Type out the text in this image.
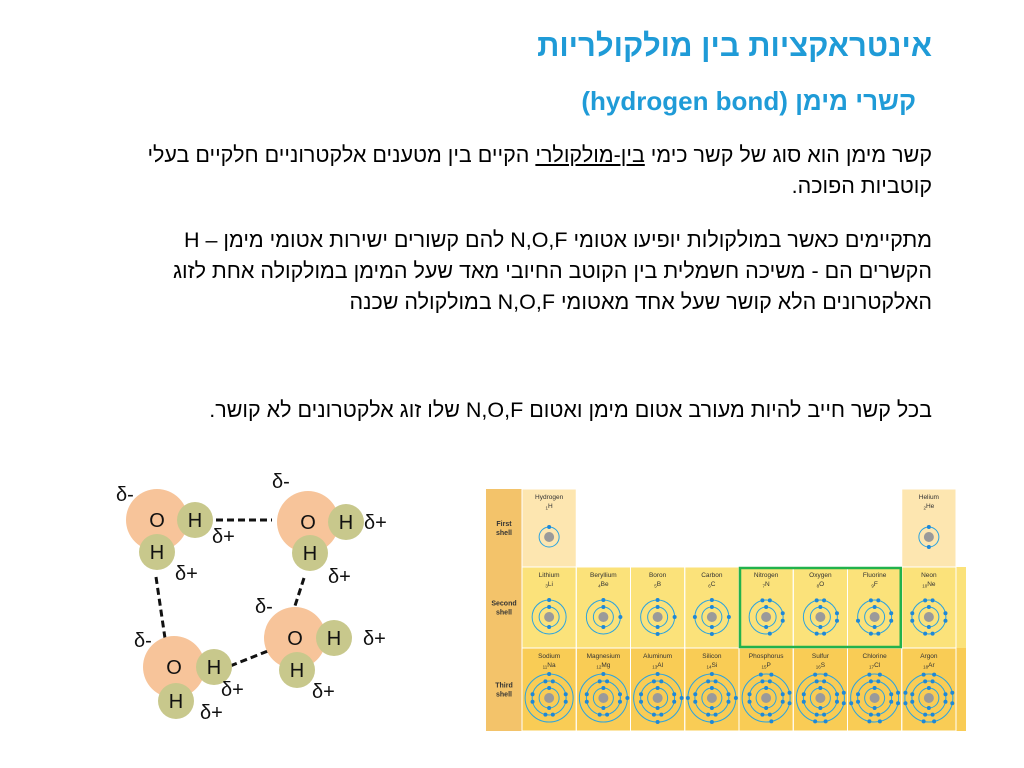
אינטראקציות בין מולקולריות
קשרי מימן (hydrogen bond)
קשר מימן הוא סוג של קשר כימי בין-מולקולרי הקיים בין מטענים אלקטרוניים חלקיים בעלי קוטביות הפוכה.
מתקיימים כאשר במולקולות יופיעו אטומי N,O,F להם קשורים ישירות אטומי מימן – H
הקשרים הם - משיכה חשמלית בין הקוטב החיובי מאד שעל המימן במולקולה אחת לזוג האלקטרונים הלא קושר שעל אחד מאטומי N,O,F במולקולה שכנה
בכל קשר חייב להיות מעורב אטום מימן ואטום N,O,F שלו זוג אלקטרונים לא קושר.
O H
H
O H
H
O H
H
O H
H
δ-
δ-
δ-
δ-
δ+
δ+
δ+	δ+
δ+
δ+	δ+
δ+
First
shell
Second
shell
Third
shell
Hydrogen
$_1$H
Helium
$_2$He
Lithium
$_3$Li
Beryllium
$_4$Be
Boron
$_5$B
Carbon
$_6$C
Nitrogen
$_7$N
Oxygen
$_8$O
Fluorine
$_9$F
Neon
$_{10}$Ne
Sodium
$_{11}$Na
Magnesium
$_{12}$Mg
Aluminum
$_{13}$Al
Silicon
$_{14}$Si
Phosphorus
$_{15}$P
Sulfur
$_{16}$S
Chlorine
$_{17}$Cl
Argon
$_{18}$Ar
